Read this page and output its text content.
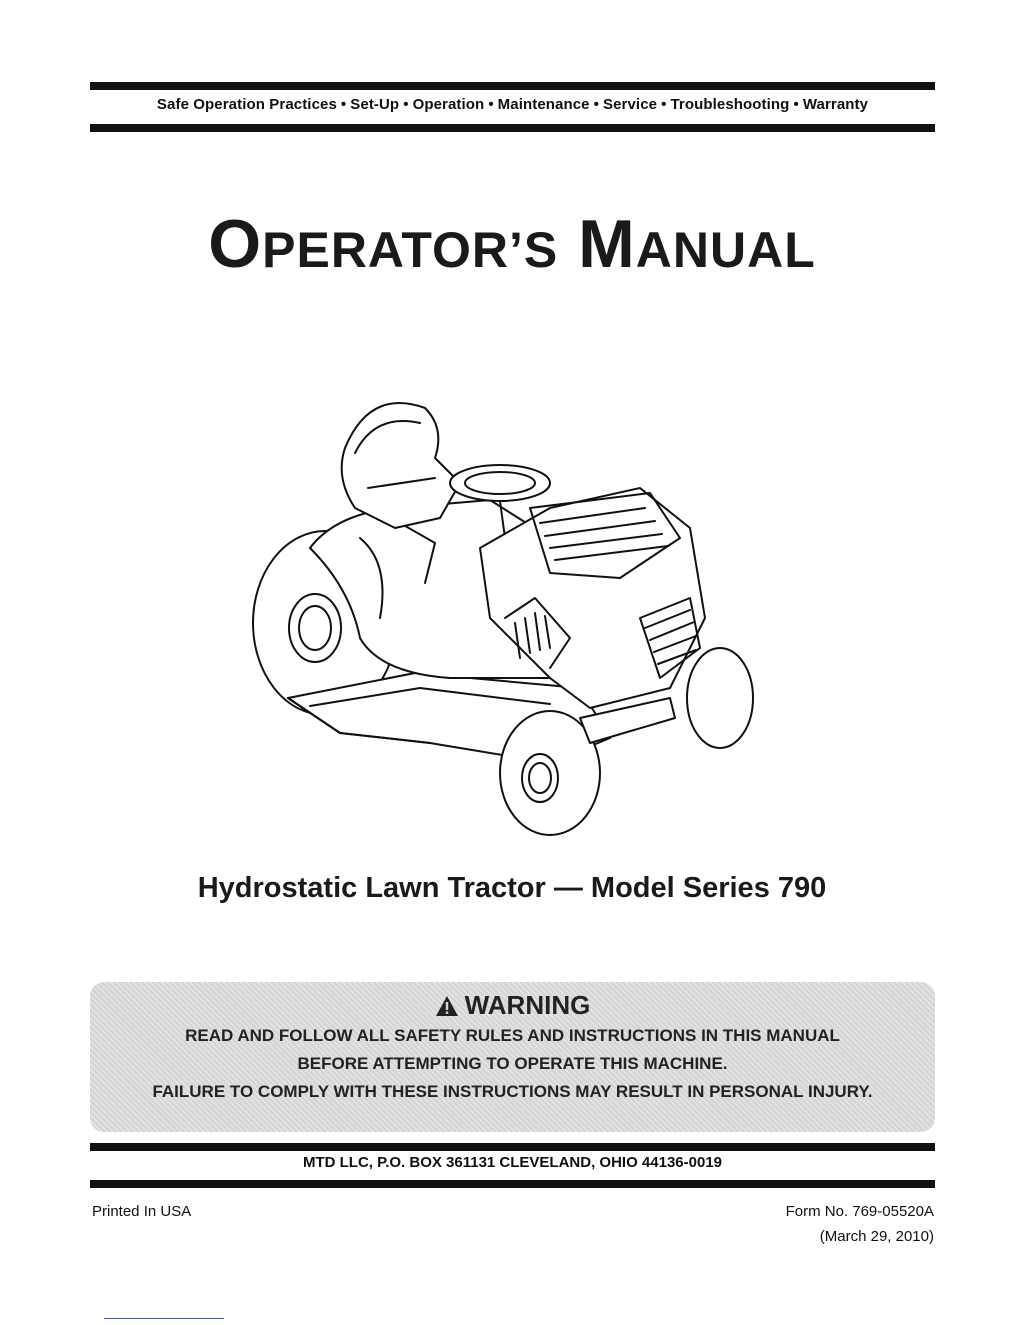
Safe Operation Practices • Set-Up • Operation • Maintenance • Service • Troubleshooting • Warranty
OPERATOR’S MANUAL
Hydrostatic Lawn Tractor — Model Series 790
WARNING
READ AND FOLLOW ALL SAFETY RULES AND INSTRUCTIONS IN THIS MANUAL
BEFORE ATTEMPTING TO OPERATE THIS MACHINE.
FAILURE TO COMPLY WITH THESE INSTRUCTIONS MAY RESULT IN PERSONAL INJURY.
MTD LLC, P.O. BOX 361131 CLEVELAND, OHIO 44136-0019
Printed In USA	Form No. 769-05520A
(March 29, 2010)
